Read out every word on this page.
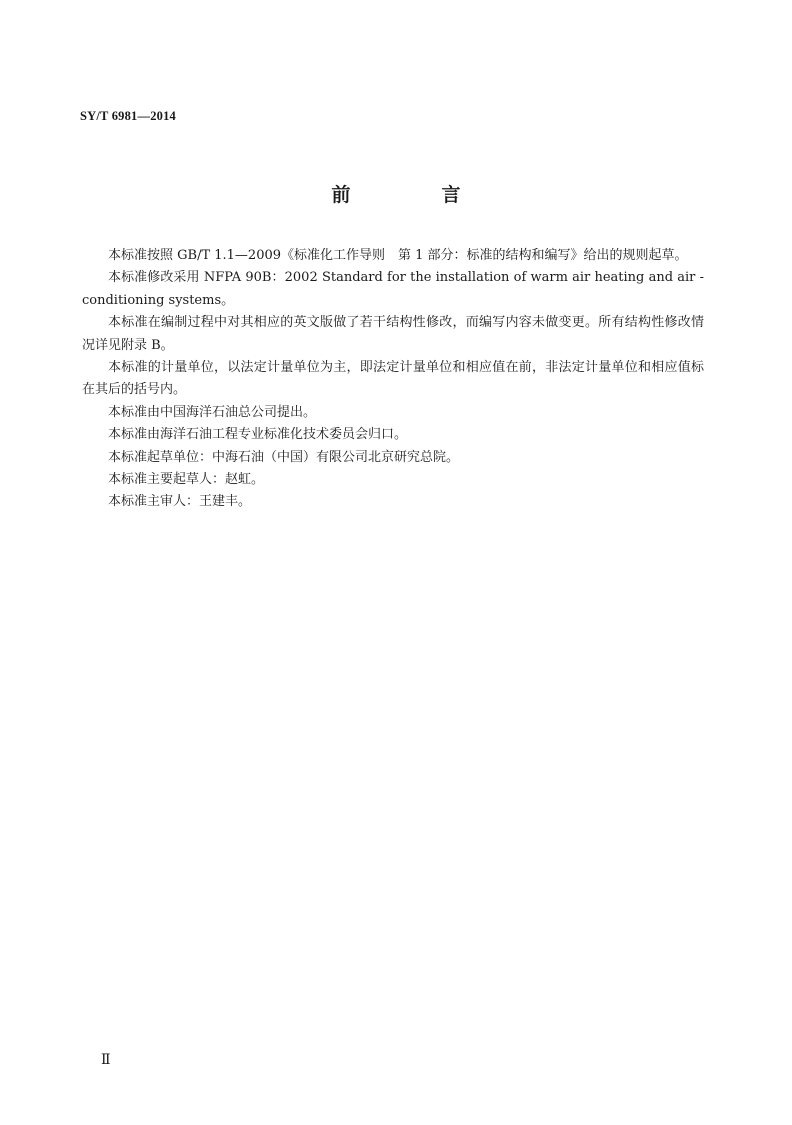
SY/T 6981—2014
前　言

本标准按照 GB/T 1.1—2009《标准化工作导则　第 1 部分：标准的结构和编写》给出的规则起草。

本标准修改采用 NFPA 90B：2002 Standard for the installation of warm air heating and air - conditioning systems。

本标准在编制过程中对其相应的英文版做了若干结构性修改，而编写内容未做变更。所有结构性修改情况详见附录 B。

本标准的计量单位，以法定计量单位为主，即法定计量单位和相应值在前，非法定计量单位和相应值标在其后的括号内。

本标准由中国海洋石油总公司提出。

本标准由海洋石油工程专业标准化技术委员会归口。

本标准起草单位：中海石油（中国）有限公司北京研究总院。

本标准主要起草人：赵虹。

本标准主审人：王建丰。

Ⅱ
